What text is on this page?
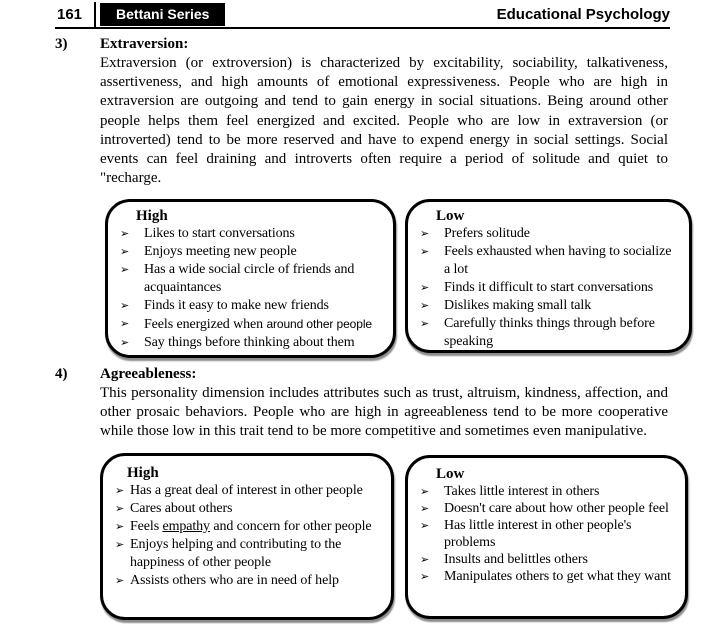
161	Bettani Series	Educational Psychology
3)	Extraversion:
Extraversion (or extroversion) is characterized by excitability, sociability, talkativeness, assertiveness, and high amounts of emotional expressiveness. People who are high in extraversion are outgoing and tend to gain energy in social situations. Being around other people helps them feel energized and excited. People who are low in extraversion (or introverted) tend to be more reserved and have to expend energy in social settings. Social events can feel draining and introverts often require a period of solitude and quiet to "recharge.
High
➢	Likes to start conversations
➢	Enjoys meeting new people
➢	Has a wide social circle of friends and acquaintances
➢	Finds it easy to make new friends
➢	Feels energized when around other people
➢	Say things before thinking about them
Low
➢	Prefers solitude
➢	Feels exhausted when having to socialize a lot
➢	Finds it difficult to start conversations
➢	Dislikes making small talk
➢	Carefully thinks things through before speaking
4)	Agreeableness:
This personality dimension includes attributes such as trust, altruism, kindness, affection, and other prosaic behaviors. People who are high in agreeableness tend to be more cooperative while those low in this trait tend to be more competitive and sometimes even manipulative.
High
➢ Has a great deal of interest in other people
➢ Cares about others
➢ Feels empathy and concern for other people
➢ Enjoys helping and contributing to the happiness of other people
➢ Assists others who are in need of help
Low
➢	Takes little interest in others
➢	Doesn't care about how other people feel
➢	Has little interest in other people's problems
➢	Insults and belittles others
➢	Manipulates others to get what they want
